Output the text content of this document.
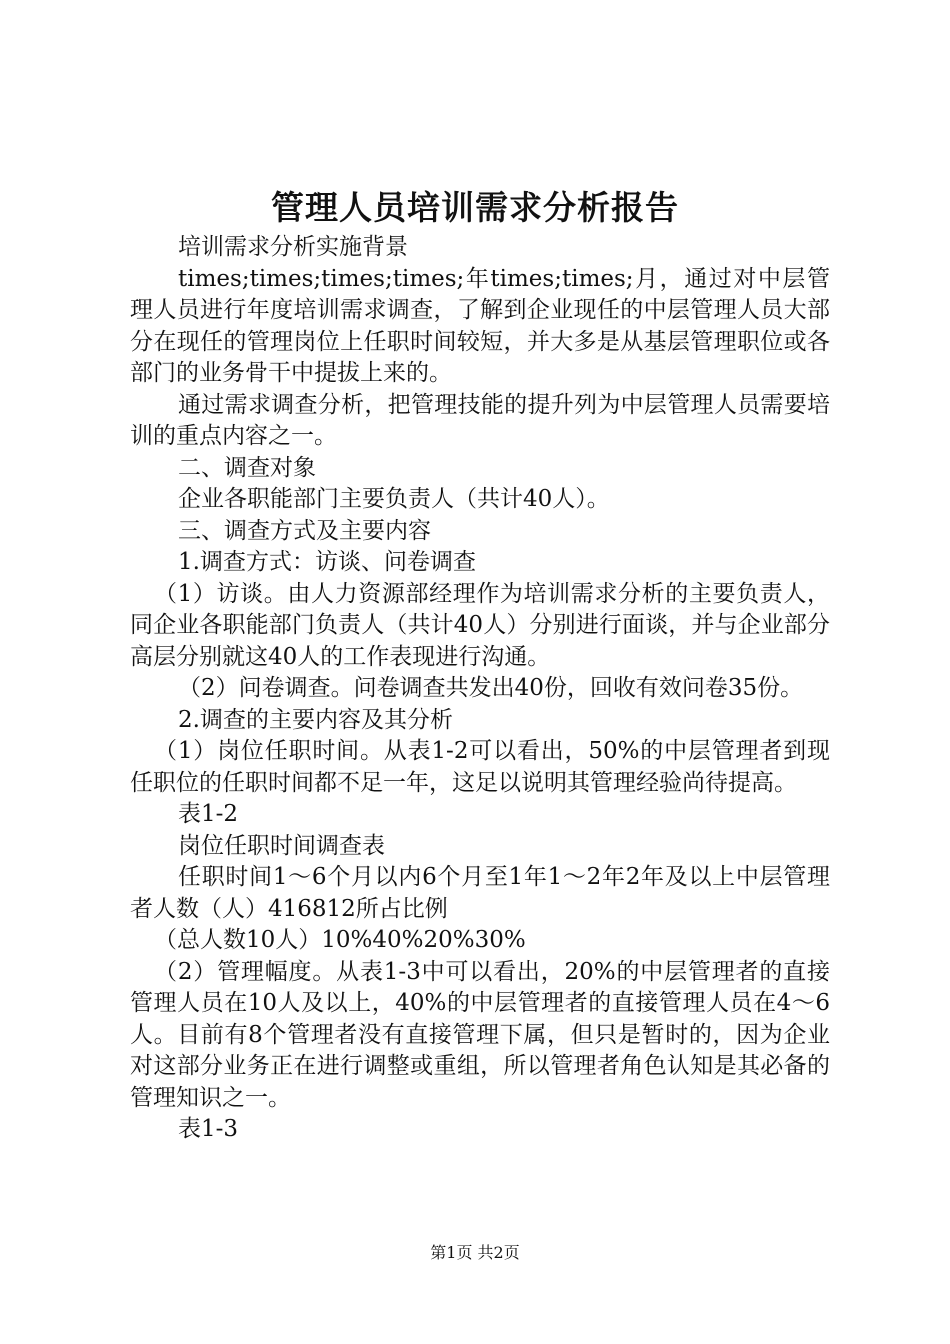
管理人员培训需求分析报告

培训需求分析实施背景

times;times;times;times;年times;times;月，通过对中层管理人员进行年度培训需求调查，了解到企业现任的中层管理人员大部分在现任的管理岗位上任职时间较短，并大多是从基层管理职位或各部门的业务骨干中提拔上来的。

通过需求调查分析，把管理技能的提升列为中层管理人员需要培训的重点内容之一。

二、调查对象

企业各职能部门主要负责人（共计40人）。

三、调查方式及主要内容

1.调查方式：访谈、问卷调查

（1）访谈。由人力资源部经理作为培训需求分析的主要负责人，同企业各职能部门负责人（共计40人）分别进行面谈，并与企业部分高层分别就这40人的工作表现进行沟通。

（2）问卷调查。问卷调查共发出40份，回收有效问卷35份。

2.调查的主要内容及其分析

（1）岗位任职时间。从表1-2可以看出，50%的中层管理者到现任职位的任职时间都不足一年，这足以说明其管理经验尚待提高。

表1-2

岗位任职时间调查表

任职时间1～6个月以内6个月至1年1～2年2年及以上中层管理者人数（人）416812所占比例

（总人数10人）10%40%20%30%

（2）管理幅度。从表1-3中可以看出，20%的中层管理者的直接管理人员在10人及以上，40%的中层管理者的直接管理人员在4～6人。目前有8个管理者没有直接管理下属，但只是暂时的，因为企业对这部分业务正在进行调整或重组，所以管理者角色认知是其必备的管理知识之一。

表1-3

第1页 共2页
